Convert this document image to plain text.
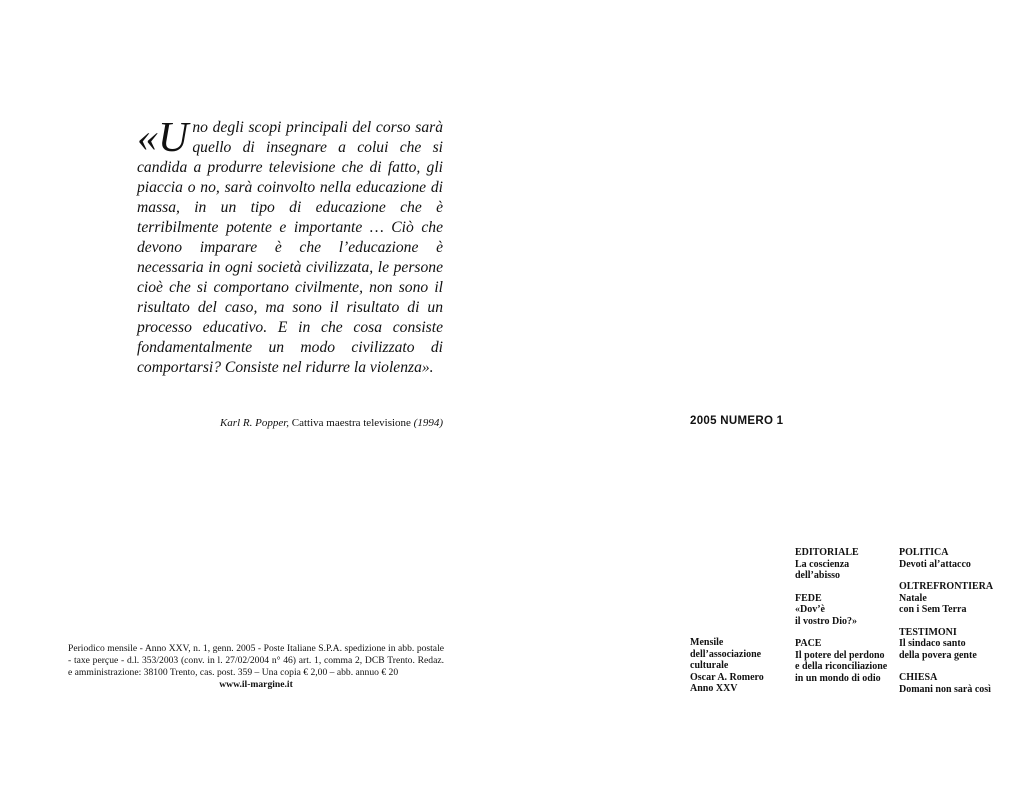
«Uno degli scopi principali del corso sarà quello di insegnare a colui che si candida a produrre televisione che di fatto, gli piaccia o no, sarà coinvolto nella educazione di massa, in un tipo di educazione che è terribilmente potente e importante … Ciò che devono imparare è che l’educazione è necessaria in ogni società civilizzata, le persone cioè che si comportano civilmente, non sono il risultato del caso, ma sono il risultato di un processo educativo. E in che cosa consiste fondamentalmente un modo civilizzato di comportarsi? Consiste nel ridurre la violenza».
Karl R. Popper, Cattiva maestra televisione (1994)
Periodico mensile - Anno XXV, n. 1, genn. 2005 - Poste Italiane S.P.A. spedizione in abb. postale - taxe perçue - d.l. 353/2003 (conv. in l. 27/02/2004 n° 46) art. 1, comma 2, DCB Trento. Redaz. e amministrazione: 38100 Trento, cas. post. 359 – Una copia € 2,00 – abb. annuo € 20
www.il-margine.it
2005 NUMERO 1
Mensile
dell’associazione
culturale
Oscar A. Romero
Anno XXV
EDITORIALE
La coscienza
dell’abisso
FEDE
«Dov’è
il vostro Dio?»
PACE
Il potere del perdono
e della riconciliazione
in un mondo di odio
POLITICA
Devoti al’attacco
OLTREFRONTIERA
Natale
con i Sem Terra
TESTIMONI
Il sindaco santo
della povera gente
CHIESA
Domani non sarà così
